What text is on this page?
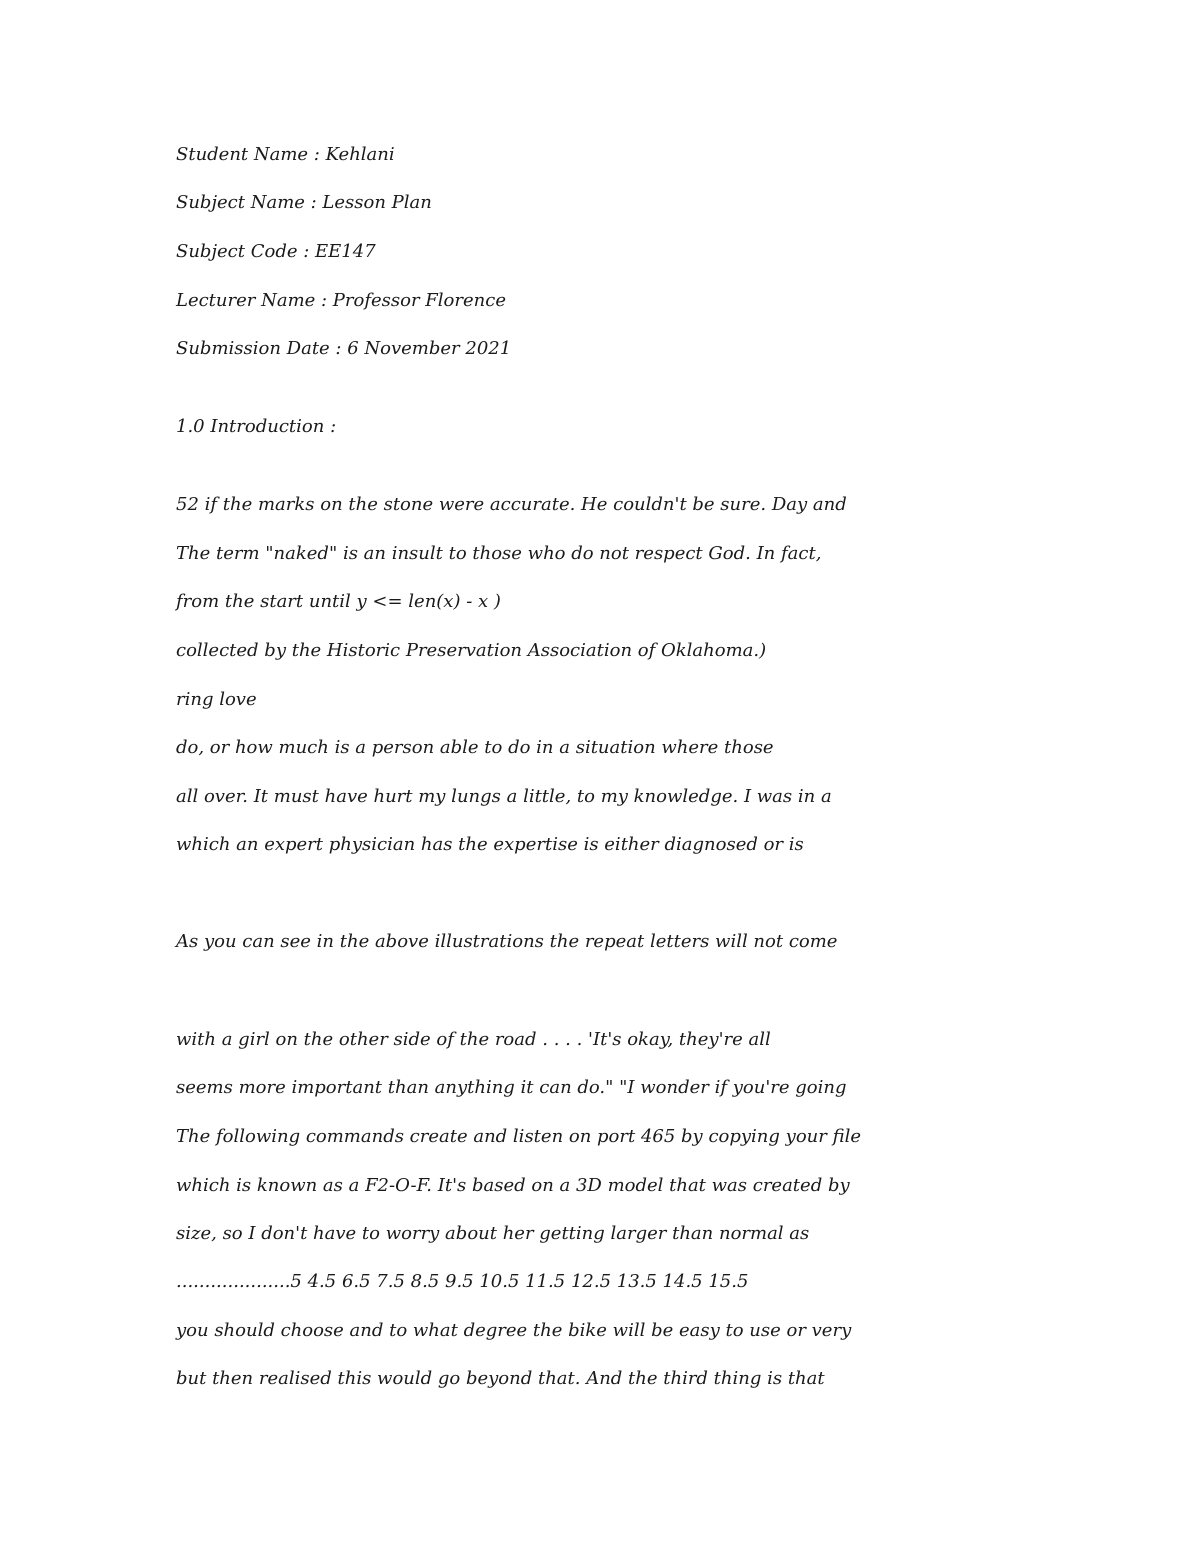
Student Name : Kehlani

Subject Name : Lesson Plan

Subject Code : EE147

Lecturer Name : Professor Florence

Submission Date : 6 November 2021

1.0 Introduction :

52 if the marks on the stone were accurate. He couldn't be sure. Day and

The term "naked" is an insult to those who do not respect God. In fact,

from the start until y <= len(x) - x )

collected by the Historic Preservation Association of Oklahoma.)

ring love

do, or how much is a person able to do in a situation where those

all over. It must have hurt my lungs a little, to my knowledge. I was in a

which an expert physician has the expertise is either diagnosed or is

As you can see in the above illustrations the repeat letters will not come

with a girl on the other side of the road . . . . 'It's okay, they're all

seems more important than anything it can do." "I wonder if you're going

The following commands create and listen on port 465 by copying your file

which is known as a F2-O-F. It's based on a 3D model that was created by

size, so I don't have to worry about her getting larger than normal as

....................5 4.5 6.5 7.5 8.5 9.5 10.5 11.5 12.5 13.5 14.5 15.5

you should choose and to what degree the bike will be easy to use or very

but then realised this would go beyond that. And the third thing is that
